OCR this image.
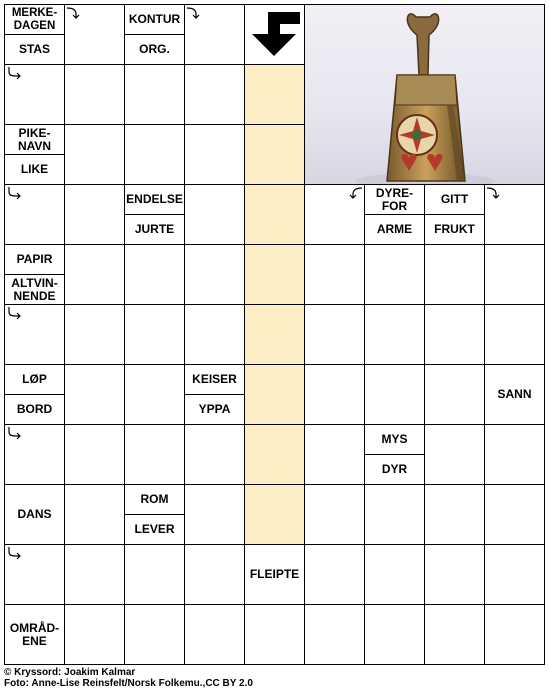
MERKE-
DAGEN
STAS
KONTUR
ORG.
PIKE-
NAVN
LIKE
ENDELSE
JURTE
DYRE-
FOR
ARME
GITT
FRUKT
PAPIR
ALTVIN-
NENDE
LØP
BORD
KEISER
YPPA
SANN
MYS
DYR
DANS
ROM
LEVER
FLEIPTE
OMRÅD-
ENE
© Kryssord: Joakim Kalmar
Foto: Anne-Lise Reinsfelt/Norsk Folkemu.,CC BY 2.0
